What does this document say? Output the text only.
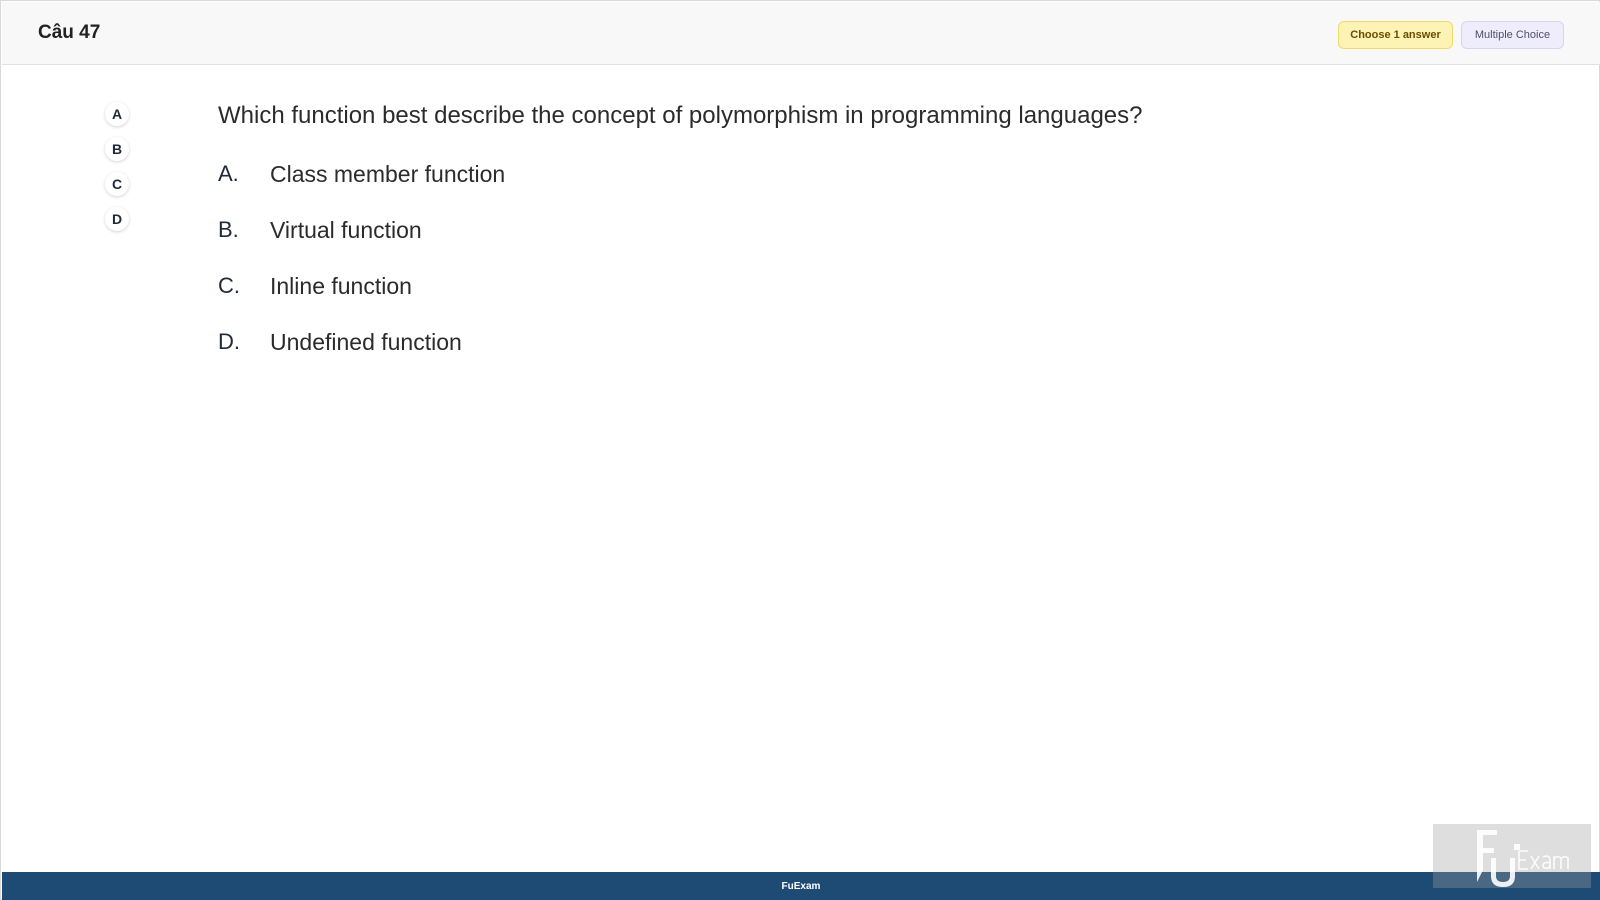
Câu 47	Choose 1 answer	Multiple Choice
A
B
C
D
Which function best describe the concept of polymorphism in programming languages?
A.	Class member function
B.	Virtual function
C.	Inline function
D.	Undefined function
FuExam
